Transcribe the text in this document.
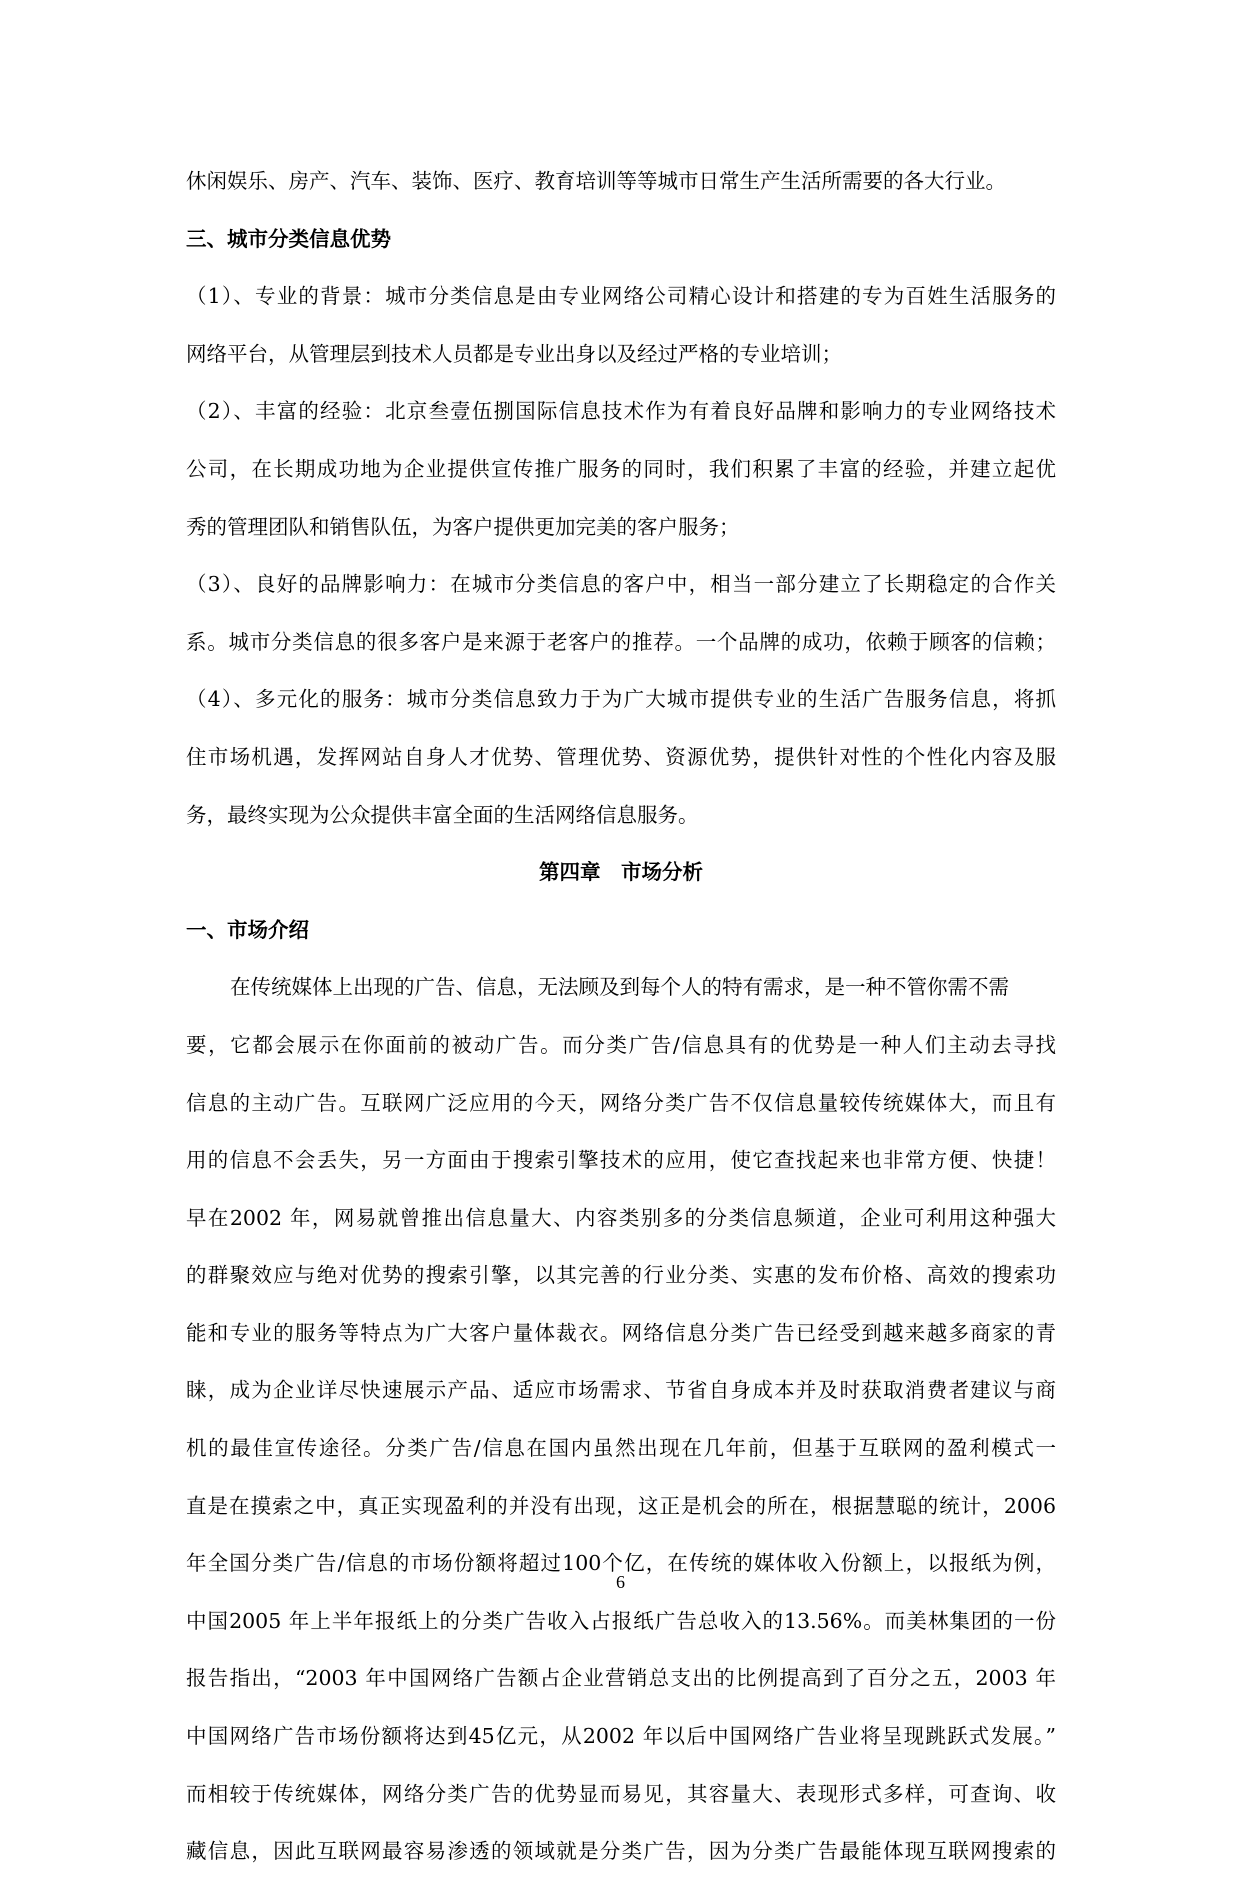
休闲娱乐、房产、汽车、装饰、医疗、教育培训等等城市日常生产生活所需要的各大行业。
三、城市分类信息优势
（1）、专业的背景：城市分类信息是由专业网络公司精心设计和搭建的专为百姓生活服务的
网络平台，从管理层到技术人员都是专业出身以及经过严格的专业培训；
（2）、丰富的经验：北京叁壹伍捌国际信息技术作为有着良好品牌和影响力的专业网络技术
公司，在长期成功地为企业提供宣传推广服务的同时，我们积累了丰富的经验，并建立起优
秀的管理团队和销售队伍，为客户提供更加完美的客户服务；
（3）、良好的品牌影响力：在城市分类信息的客户中，相当一部分建立了长期稳定的合作关
系。城市分类信息的很多客户是来源于老客户的推荐。一个品牌的成功，依赖于顾客的信赖；
（4）、多元化的服务：城市分类信息致力于为广大城市提供专业的生活广告服务信息，将抓
住市场机遇，发挥网站自身人才优势、管理优势、资源优势，提供针对性的个性化内容及服
务，最终实现为公众提供丰富全面的生活网络信息服务。
第四章　市场分析
一、市场介绍
在传统媒体上出现的广告、信息，无法顾及到每个人的特有需求，是一种不管你需不需
要，它都会展示在你面前的被动广告。而分类广告/信息具有的优势是一种人们主动去寻找
信息的主动广告。互联网广泛应用的今天，网络分类广告不仅信息量较传统媒体大，而且有
用的信息不会丢失，另一方面由于搜索引擎技术的应用，使它查找起来也非常方便、快捷！
早在2002 年，网易就曾推出信息量大、内容类别多的分类信息频道，企业可利用这种强大
的群聚效应与绝对优势的搜索引擎，以其完善的行业分类、实惠的发布价格、高效的搜索功
能和专业的服务等特点为广大客户量体裁衣。网络信息分类广告已经受到越来越多商家的青
睐，成为企业详尽快速展示产品、适应市场需求、节省自身成本并及时获取消费者建议与商
机的最佳宣传途径。分类广告/信息在国内虽然出现在几年前，但基于互联网的盈利模式一
直是在摸索之中，真正实现盈利的并没有出现，这正是机会的所在，根据慧聪的统计，2006
年全国分类广告/信息的市场份额将超过100个亿，在传统的媒体收入份额上，以报纸为例，
中国2005 年上半年报纸上的分类广告收入占报纸广告总收入的13.56%。而美林集团的一份
报告指出，“2003 年中国网络广告额占企业营销总支出的比例提高到了百分之五，2003 年
中国网络广告市场份额将达到45亿元，从2002 年以后中国网络广告业将呈现跳跃式发展。”
而相较于传统媒体，网络分类广告的优势显而易见，其容量大、表现形式多样，可查询、收
藏信息，因此互联网最容易渗透的领域就是分类广告，因为分类广告最能体现互联网搜索的
6
